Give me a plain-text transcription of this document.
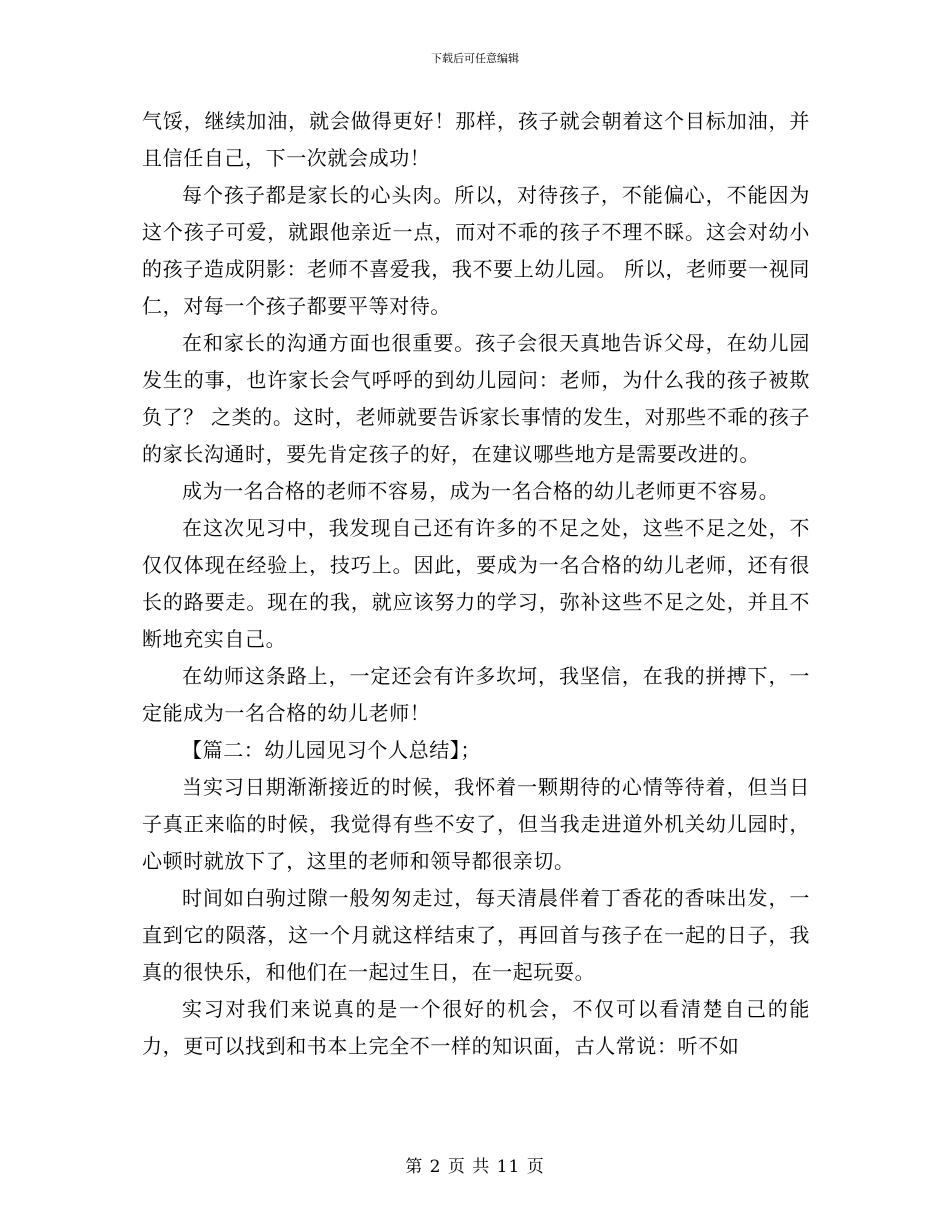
下载后可任意编辑

气馁，继续加油，就会做得更好！那样，孩子就会朝着这个目标加油，并且信任自己，下一次就会成功！

每个孩子都是家长的心头肉。所以，对待孩子，不能偏心，不能因为这个孩子可爱，就跟他亲近一点，而对不乖的孩子不理不睬。这会对幼小的孩子造成阴影：老师不喜爱我，我不要上幼儿园。 所以，老师要一视同仁，对每一个孩子都要平等对待。

在和家长的沟通方面也很重要。孩子会很天真地告诉父母，在幼儿园发生的事，也许家长会气呼呼的到幼儿园问：老师，为什么我的孩子被欺负了？ 之类的。这时，老师就要告诉家长事情的发生，对那些不乖的孩子的家长沟通时，要先肯定孩子的好，在建议哪些地方是需要改进的。

成为一名合格的老师不容易，成为一名合格的幼儿老师更不容易。

在这次见习中，我发现自己还有许多的不足之处，这些不足之处，不仅仅体现在经验上，技巧上。因此，要成为一名合格的幼儿老师，还有很长的路要走。现在的我，就应该努力的学习，弥补这些不足之处，并且不断地充实自己。

在幼师这条路上，一定还会有许多坎坷，我坚信，在我的拼搏下，一定能成为一名合格的幼儿老师！

【篇二：幼儿园见习个人总结】；

当实习日期渐渐接近的时候，我怀着一颗期待的心情等待着，但当日子真正来临的时候，我觉得有些不安了，但当我走进道外机关幼儿园时，心顿时就放下了，这里的老师和领导都很亲切。

时间如白驹过隙一般匆匆走过，每天清晨伴着丁香花的香味出发，一直到它的陨落，这一个月就这样结束了，再回首与孩子在一起的日子，我真的很快乐，和他们在一起过生日，在一起玩耍。

实习对我们来说真的是一个很好的机会，不仅可以看清楚自己的能力，更可以找到和书本上完全不一样的知识面，古人常说：听不如

第 2 页 共 11 页
